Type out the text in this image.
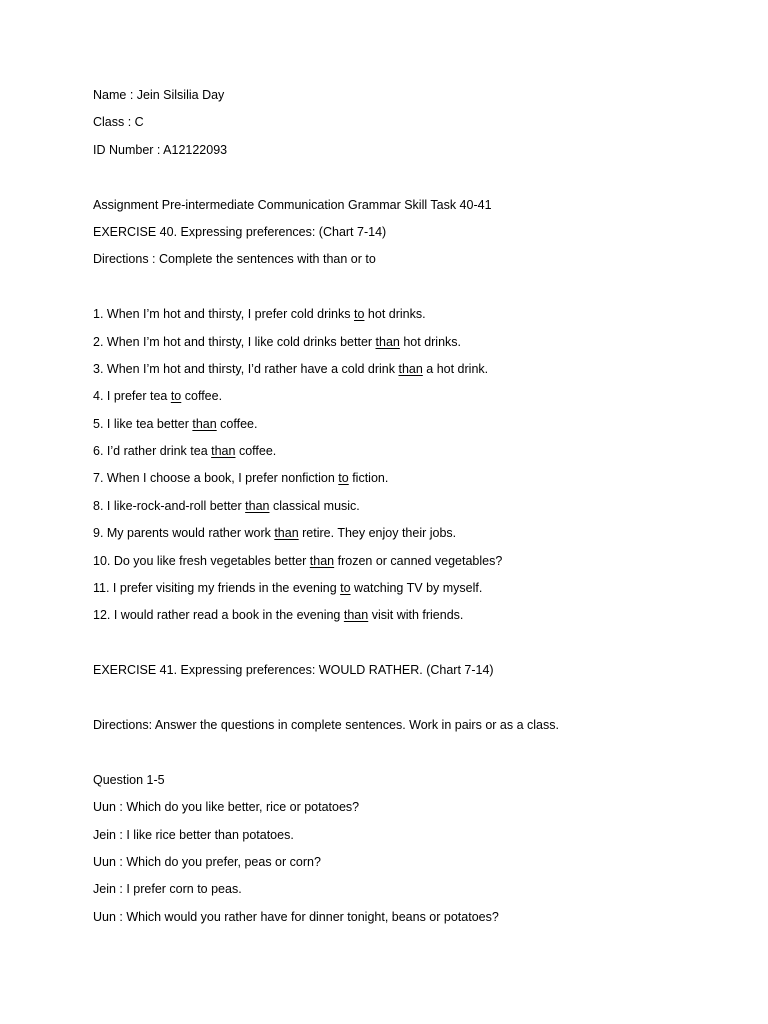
Name : Jein Silsilia Day
Class : C
ID Number : A12122093
Assignment Pre-intermediate Communication Grammar Skill Task 40-41
EXERCISE 40. Expressing preferences: (Chart 7-14)
Directions : Complete the sentences with than or to
1. When I’m hot and thirsty, I prefer cold drinks to hot drinks.
2. When I’m hot and thirsty, I like cold drinks better than hot drinks.
3. When I’m hot and thirsty, I’d rather have a cold drink than a hot drink.
4. I prefer tea to coffee.
5. I like tea better than coffee.
6. I’d rather drink tea than coffee.
7. When I choose a book, I prefer nonfiction to fiction.
8. I like-rock-and-roll better than classical music.
9. My parents would rather work than retire. They enjoy their jobs.
10. Do you like fresh vegetables better than frozen or canned vegetables?
11. I prefer visiting my friends in the evening to watching TV by myself.
12. I would rather read a book in the evening than visit with friends.
EXERCISE 41. Expressing preferences: WOULD RATHER. (Chart 7-14)
Directions: Answer the questions in complete sentences. Work in pairs or as a class.
Question 1-5
Uun : Which do you like better, rice or potatoes?
Jein : I like rice better than potatoes.
Uun : Which do you prefer, peas or corn?
Jein : I prefer corn to peas.
Uun : Which would you rather have for dinner tonight, beans or potatoes?
